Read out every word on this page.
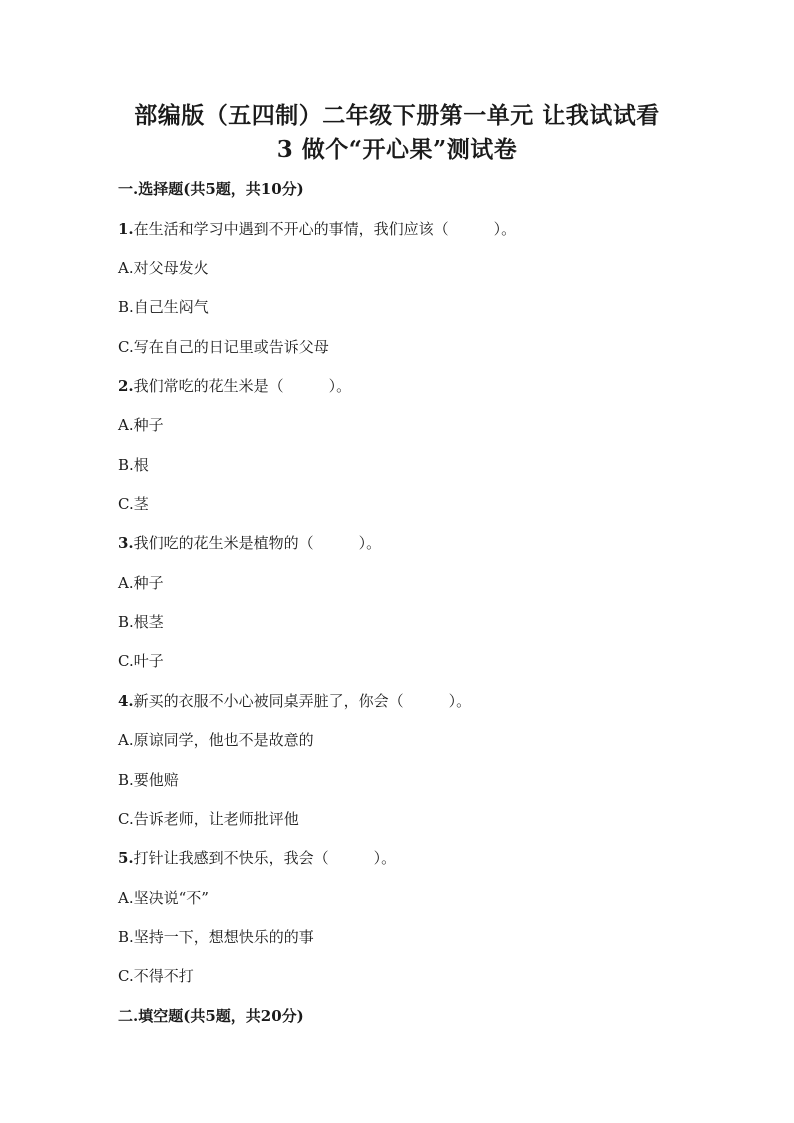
部编版（五四制）二年级下册第一单元 让我试试看
3 做个“开心果”测试卷
一.选择题(共5题，共10分)
1.在生活和学习中遇到不开心的事情，我们应该（　　　）。
A.对父母发火
B.自己生闷气
C.写在自己的日记里或告诉父母
2.我们常吃的花生米是（　　　）。
A.种子
B.根
C.茎
3.我们吃的花生米是植物的（　　　）。
A.种子
B.根茎
C.叶子
4.新买的衣服不小心被同桌弄脏了，你会（　　　）。
A.原谅同学，他也不是故意的
B.要他赔
C.告诉老师，让老师批评他
5.打针让我感到不快乐，我会（　　　）。
A.坚决说“不”
B.坚持一下，想想快乐的的事
C.不得不打
二.填空题(共5题，共20分)
